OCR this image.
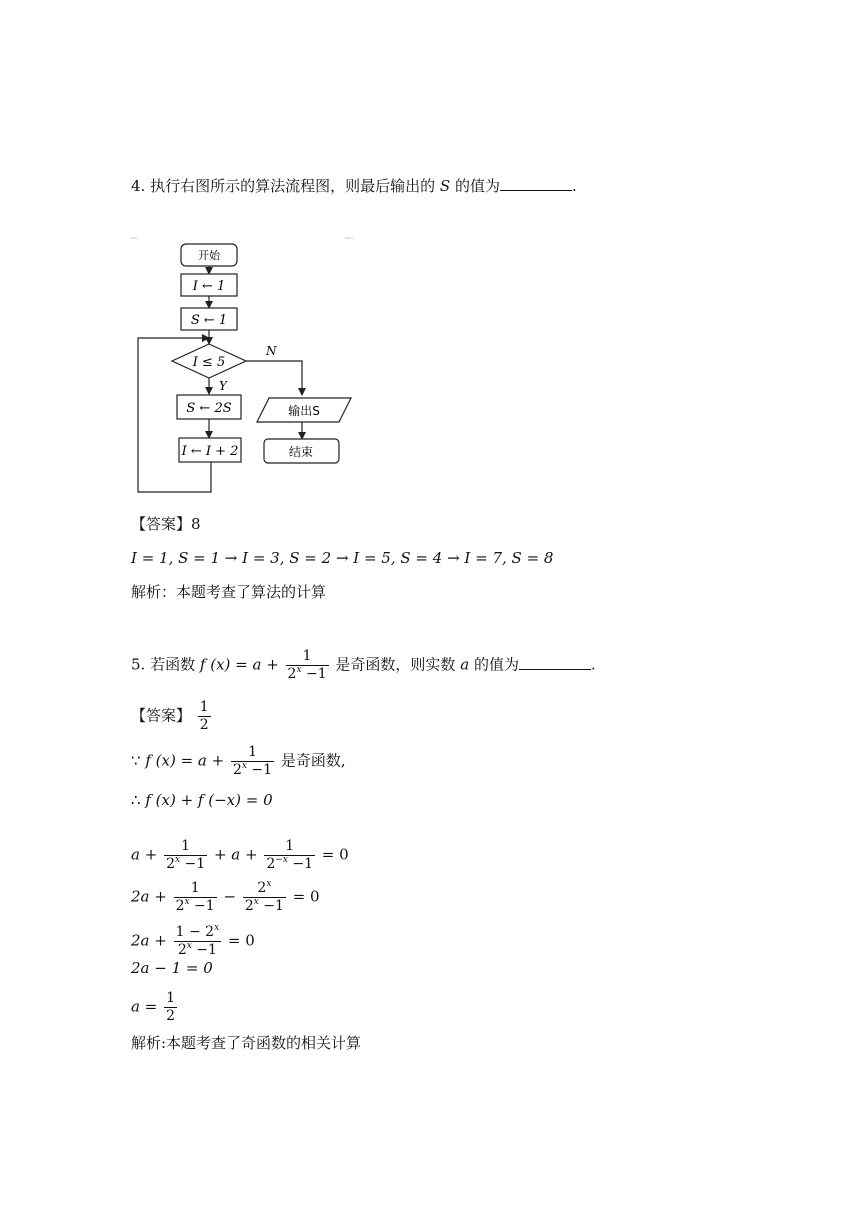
4. 执行右图所示的算法流程图，则最后输出的 S 的值为	.
开始
I ← 1
S ← 1
I ≤ 5
N
Y
S ← 2S
I ← I + 2
输出S
结束
【答案】8
I = 1, S = 1 → I = 3, S = 2 → I = 5, S = 4 → I = 7, S = 8
解析：本题考查了算法的计算
5. 若函数 f $(x) = a + \frac{1}{2^x -1}$ 是奇函数，则实数 a 的值为	.
【答案】 $\frac{1}{2}$
∵ f $(x) = a + \frac{1}{2^x -1}$ 是奇函数,
∴ f (x) + f (−x) = 0
$a + \frac{1}{2^x -1} + a + \frac{1}{2^{-x} -1} = 0$
$2a + \frac{1}{2^x -1} - \frac{2^x}{2^x -1} = 0$
$2a + \frac{1 - 2^x}{2^x -1} = 0$
2a − 1 = 0
$a = \frac{1}{2}$
解析:本题考查了奇函数的相关计算
